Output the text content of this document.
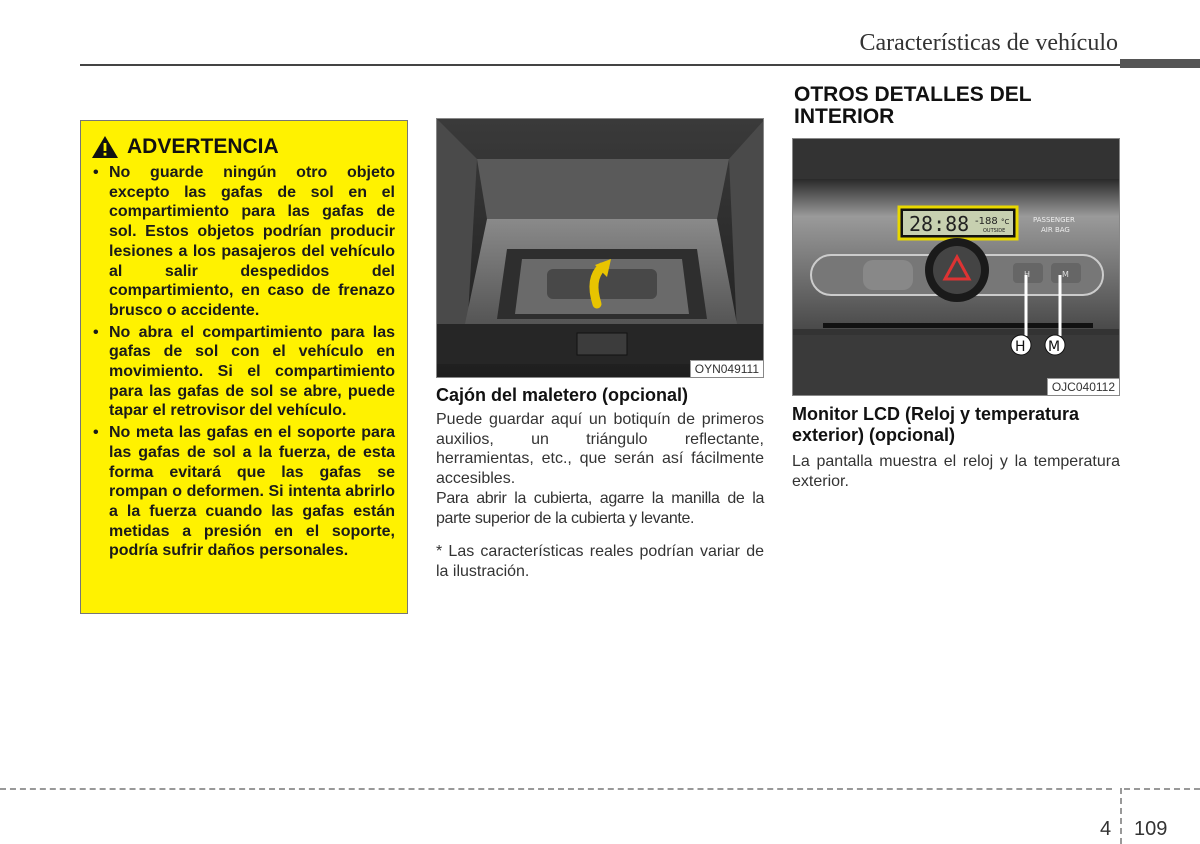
Características de vehículo
ADVERTENCIA
• No guarde ningún otro objeto excepto las gafas de sol en el compartimiento para las gafas de sol. Estos objetos podrían producir lesiones a los pasajeros del vehículo al salir despedidos del compartimiento, en caso de frenazo brusco o accidente.
• No abra el compartimiento para las gafas de sol con el vehículo en movimiento. Si el compartimiento para las gafas de sol se abre, puede tapar el retrovisor del vehículo.
• No meta las gafas en el soporte para las gafas de sol a la fuerza, de esta forma evitará que las gafas se rompan o deformen. Si intenta abrirlo a la fuerza cuando las gafas están metidas a presión en el soporte, podría sufrir daños personales.
OYN049111
Cajón del maletero (opcional)
Puede guardar aquí un botiquín de primeros auxilios, un triángulo reflectante, herramientas, etc., que serán así fácilmente accesibles.
Para abrir la cubierta, agarre la manilla de la parte superior de la cubierta y levante.
* Las características reales podrían variar de la ilustración.
OTROS DETALLES DEL INTERIOR
28:88 -188 °C
OUTSIDE
PASSENGER
AIR BAG
H	M
H M
OJC040112
Monitor LCD (Reloj y temperatura exterior) (opcional)
La pantalla muestra el reloj y la temperatura exterior.
4 109
